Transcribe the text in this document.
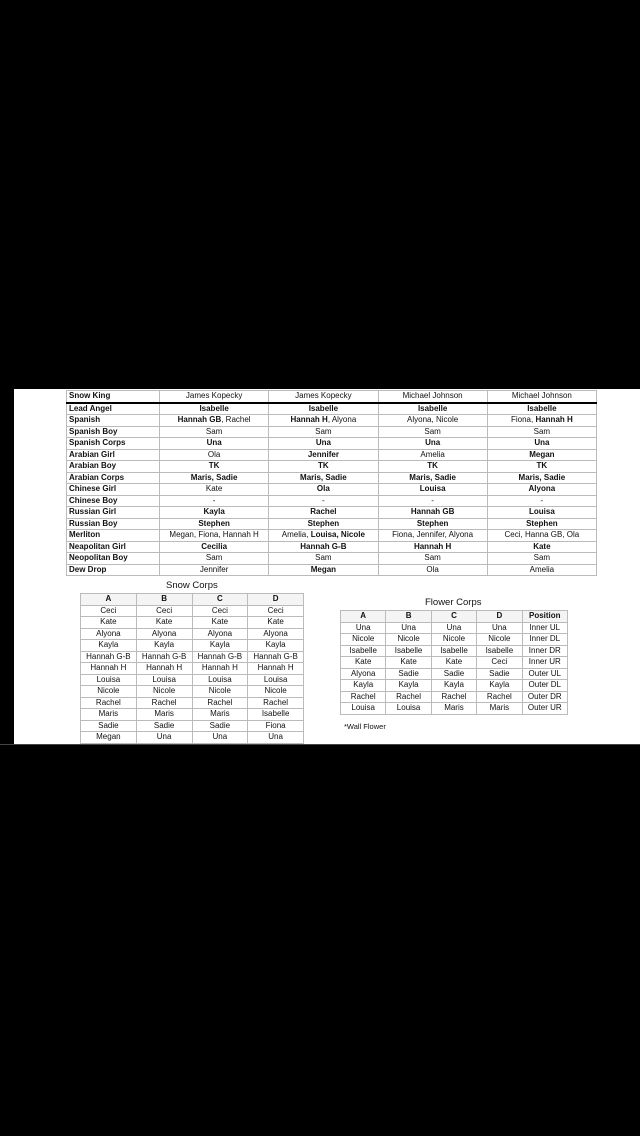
Snow King	James Kopecky	James Kopecky	Michael Johnson	Michael Johnson
Lead Angel	Isabelle	Isabelle	Isabelle	Isabelle
Spanish	Hannah GB, Rachel	Hannah H, Alyona	Alyona, Nicole	Fiona, Hannah H
Spanish Boy	Sam	Sam	Sam	Sam
Spanish Corps	Una	Una	Una	Una
Arabian Girl	Ola	Jennifer	Amelia	Megan
Arabian Boy	TK	TK	TK	TK
Arabian Corps	Maris, Sadie	Maris, Sadie	Maris, Sadie	Maris, Sadie
Chinese Girl	Kate	Ola	Louisa	Alyona
Chinese Boy	-	-	-	-
Russian Girl	Kayla	Rachel	Hannah GB	Louisa
Russian Boy	Stephen	Stephen	Stephen	Stephen
Merliton	Megan, Fiona, Hannah H	Amelia, Louisa, Nicole	Fiona, Jennifer, Alyona	Ceci, Hanna GB, Ola
Neapolitan Girl	Cecilia	Hannah G-B	Hannah H	Kate
Neopolitan Boy	Sam	Sam	Sam	Sam
Dew Drop	Jennifer	Megan	Ola	Amelia
Snow Corps
A	B	C	D
Ceci	Ceci	Ceci	Ceci
Kate	Kate	Kate	Kate
Alyona	Alyona	Alyona	Alyona
Kayla	Kayla	Kayla	Kayla
Hannah G-B	Hannah G-B	Hannah G-B	Hannah G-B
Hannah H	Hannah H	Hannah H	Hannah H
Louisa	Louisa	Louisa	Louisa
Nicole	Nicole	Nicole	Nicole
Rachel	Rachel	Rachel	Rachel
Maris	Maris	Maris	Isabelle
Sadie	Sadie	Sadie	Fiona
Megan	Una	Una	Una
Flower Corps
A	B	C	D	Position
Una	Una	Una	Una	Inner UL
Nicole	Nicole	Nicole	Nicole	Inner DL
Isabelle	Isabelle	Isabelle	Isabelle	Inner DR
Kate	Kate	Kate	Ceci	Inner UR
Alyona	Sadie	Sadie	Sadie	Outer UL
Kayla	Kayla	Kayla	Kayla	Outer DL
Rachel	Rachel	Rachel	Rachel	Outer DR
Louisa	Louisa	Maris	Maris	Outer UR
*Wall Flower
